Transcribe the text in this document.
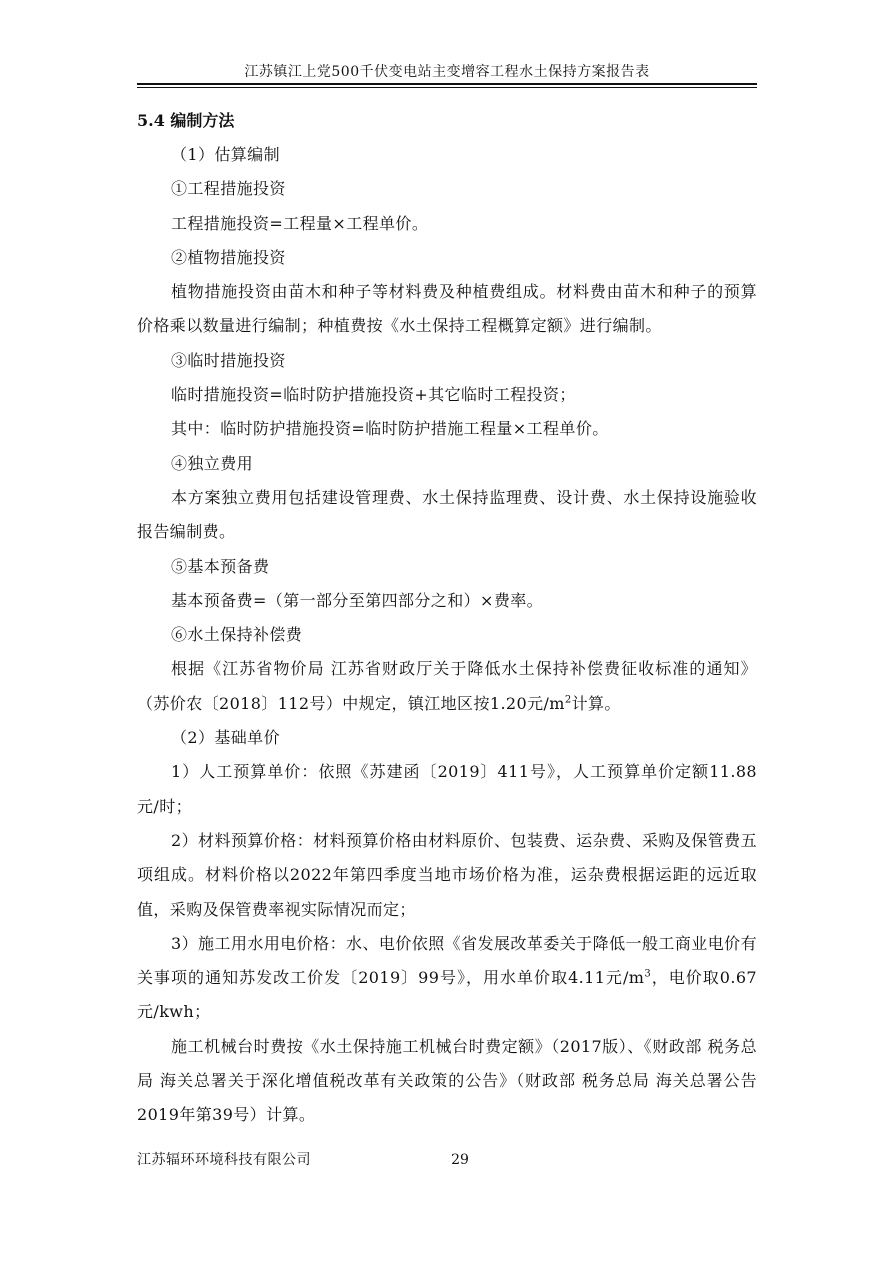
江苏镇江上党500千伏变电站主变增容工程水土保持方案报告表

5.4 编制方法

（1）估算编制

①工程措施投资

工程措施投资=工程量×工程单价。

②植物措施投资

植物措施投资由苗木和种子等材料费及种植费组成。材料费由苗木和种子的预算价格乘以数量进行编制；种植费按《水土保持工程概算定额》进行编制。

③临时措施投资

临时措施投资=临时防护措施投资+其它临时工程投资；

其中：临时防护措施投资=临时防护措施工程量×工程单价。

④独立费用

本方案独立费用包括建设管理费、水土保持监理费、设计费、水土保持设施验收报告编制费。

⑤基本预备费

基本预备费=（第一部分至第四部分之和）×费率。

⑥水土保持补偿费

根据《江苏省物价局 江苏省财政厅关于降低水土保持补偿费征收标准的通知》（苏价农〔2018〕112号）中规定，镇江地区按1.20元$/m^2$计算。

（2）基础单价

1）人工预算单价：依照《苏建函〔2019〕411号》，人工预算单价定额11.88元/时；

2）材料预算价格：材料预算价格由材料原价、包装费、运杂费、采购及保管费五项组成。材料价格以2022年第四季度当地市场价格为准，运杂费根据运距的远近取值，采购及保管费率视实际情况而定；

3）施工用水用电价格：水、电价依照《省发展改革委关于降低一般工商业电价有关事项的通知苏发改工价发〔2019〕99号》，用水单价取4.11元$/m^3$，电价取0.67元/kwh；

施工机械台时费按《水土保持施工机械台时费定额》（2017版）、《财政部 税务总局 海关总署关于深化增值税改革有关政策的公告》（财政部 税务总局 海关总署公告2019年第39号）计算。

江苏辐环环境科技有限公司	29
